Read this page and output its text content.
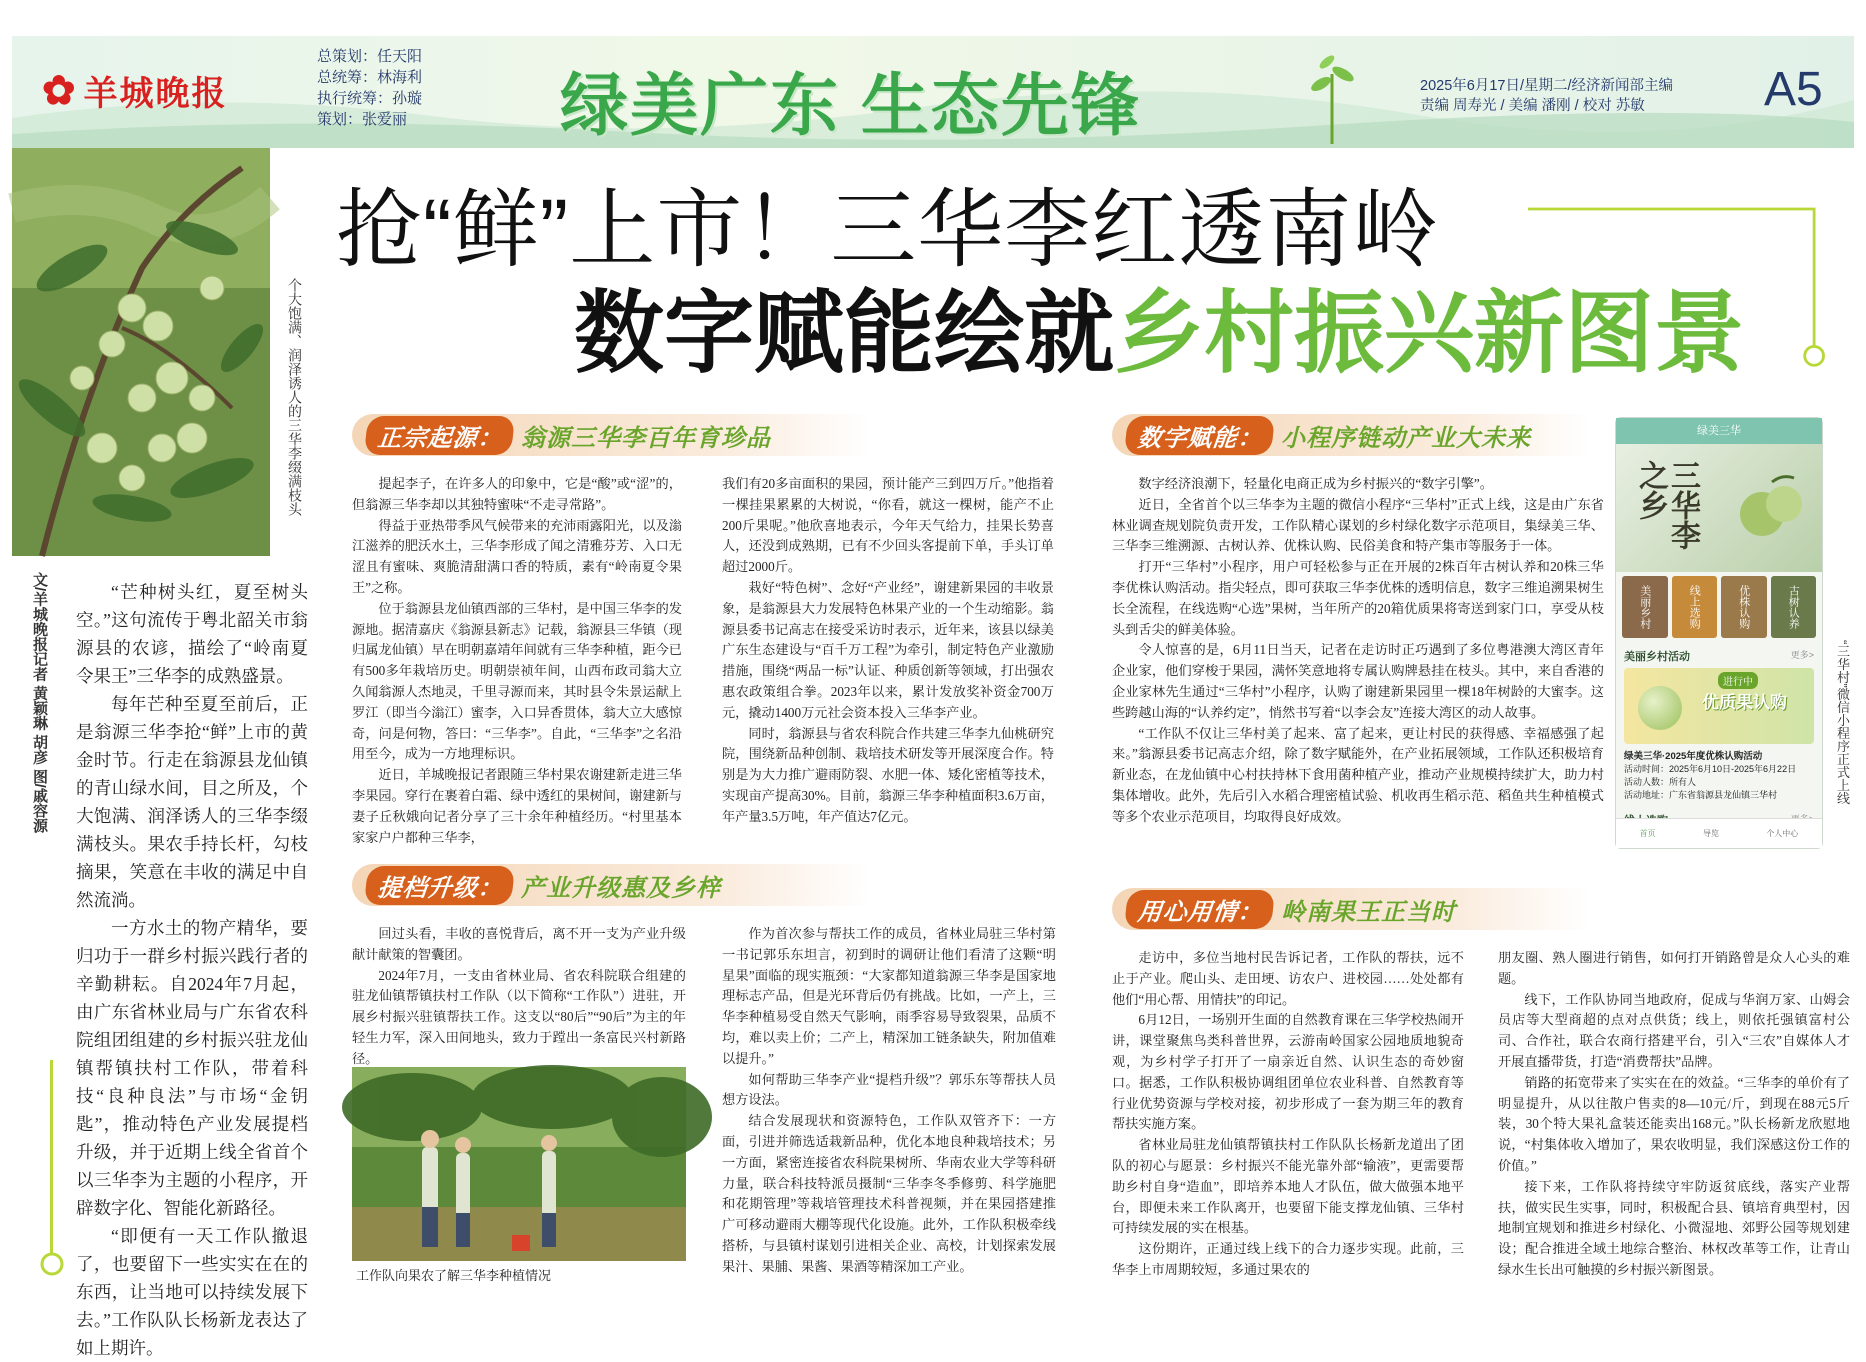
✿ 羊城晚报
总策划：任天阳
总统筹：林海利
执行统筹：孙璇
策划：张爱丽 绿美广东 生态先锋	2025年6月17日/星期二/经济新闻部主编
责编 周寿光 / 美编 潘刚 / 校对 苏敏	A5
个大饱满、润泽诱人的三华李缀满枝头
文/羊城晚报记者 黄颖琳 胡彦 图/戚容源
抢“鲜”上市！三华李红透南岭
数字赋能绘就乡村振兴新图景

“芒种树头红，夏至树头空。”这句流传于粤北韶关市翁源县的农谚，描绘了“岭南夏令果王”三华李的成熟盛景。

每年芒种至夏至前后，正是翁源三华李抢“鲜”上市的黄金时节。行走在翁源县龙仙镇的青山绿水间，目之所及，个大饱满、润泽诱人的三华李缀满枝头。果农手持长杆，勾枝摘果，笑意在丰收的满足中自然流淌。

一方水土的物产精华，要归功于一群乡村振兴践行者的辛勤耕耘。自2024年7月起，由广东省林业局与广东省农科院组团组建的乡村振兴驻龙仙镇帮镇扶村工作队，带着科技“良种良法”与市场“金钥匙”，推动特色产业发展提档升级，并于近期上线全省首个以三华李为主题的小程序，开辟数字化、智能化新路径。

“即便有一天工作队撤退了，也要留下一些实实在在的东西，让当地可以持续发展下去。”工作队队长杨新龙表达了如上期许。

正宗起源： 翁源三华李百年育珍品

提起李子，在许多人的印象中，它是“酸”或“涩”的，但翁源三华李却以其独特蜜味“不走寻常路”。

得益于亚热带季风气候带来的充沛雨露阳光，以及滃江滋养的肥沃水土，三华李形成了闻之清雅芬芳、入口无涩且有蜜味、爽脆清甜满口香的特质，素有“岭南夏令果王”之称。

位于翁源县龙仙镇西部的三华村，是中国三华李的发源地。据清嘉庆《翁源县新志》记载，翁源县三华镇（现归属龙仙镇）早在明朝嘉靖年间就有三华李种植，距今已有500多年栽培历史。明朝崇祯年间，山西布政司翁大立久闻翁源人杰地灵，千里寻源而来，其时县令朱景运献上罗江（即当今滃江）蜜李，入口异香贯体，翁大立大感惊奇，问是何物，答曰：“三华李”。自此，“三华李”之名沿用至今，成为一方地理标识。

近日，羊城晚报记者跟随三华村果农谢建新走进三华李果园。穿行在裹着白霜、绿中透红的果树间，谢建新与妻子丘秋娥向记者分享了三十余年种植经历。“村里基本家家户户都种三华李，

我们有20多亩面积的果园，预计能产三到四万斤。”他指着一棵挂果累累的大树说，“你看，就这一棵树，能产不止200斤果呢。”他欣喜地表示，今年天气给力，挂果长势喜人，还没到成熟期，已有不少回头客提前下单，手头订单超过2000斤。

栽好“特色树”、念好“产业经”，谢建新果园的丰收景象，是翁源县大力发展特色林果产业的一个生动缩影。翁源县委书记高志在接受采访时表示，近年来，该县以绿美广东生态建设与“百千万工程”为牵引，制定特色产业激励措施，围绕“两品一标”认证、种质创新等领域，打出强农惠农政策组合拳。2023年以来，累计发放奖补资金700万元，撬动1400万元社会资本投入三华李产业。

同时，翁源县与省农科院合作共建三华李九仙桃研究院，围绕新品种创制、栽培技术研发等开展深度合作。特别是为大力推广避雨防裂、水肥一体、矮化密植等技术，实现亩产提高30%。目前，翁源三华李种植面积3.6万亩，年产量3.5万吨，年产值达7亿元。

提档升级： 产业升级惠及乡梓

回过头看，丰收的喜悦背后，离不开一支为产业升级献计献策的智囊团。

2024年7月，一支由省林业局、省农科院联合组建的驻龙仙镇帮镇扶村工作队（以下简称“工作队”）进驻，开展乡村振兴驻镇帮扶工作。这支以“80后”“90后”为主的年轻生力军，深入田间地头，致力于蹚出一条富民兴村新路径。

工作队向果农了解三华李种植情况

作为首次参与帮扶工作的成员，省林业局驻三华村第一书记郭乐东坦言，初到时的调研让他们看清了这颗“明星果”面临的现实瓶颈：“大家都知道翁源三华李是国家地理标志产品，但是光环背后仍有挑战。比如，一产上，三华李种植易受自然天气影响，雨季容易导致裂果，品质不均，难以卖上价；二产上，精深加工链条缺失，附加值难以提升。”

如何帮助三华李产业“提档升级”？郭乐东等帮扶人员想方设法。

结合发展现状和资源特色，工作队双管齐下：一方面，引进并筛选适栽新品种，优化本地良种栽培技术；另一方面，紧密连接省农科院果树所、华南农业大学等科研力量，联合科技特派员摄制“三华李冬季修剪、科学施肥和花期管理”等栽培管理技术科普视频，并在果园搭建推广可移动避雨大棚等现代化设施。此外，工作队积极牵线搭桥，与县镇村谋划引进相关企业、高校，计划探索发展果汁、果脯、果酱、果酒等精深加工产业。

数字赋能： 小程序链动产业大未来

数字经济浪潮下，轻量化电商正成为乡村振兴的“数字引擎”。

近日，全省首个以三华李为主题的微信小程序“三华村”正式上线，这是由广东省林业调查规划院负责开发，工作队精心谋划的乡村绿化数字示范项目，集绿美三华、三华李三维溯源、古树认养、优株认购、民俗美食和特产集市等服务于一体。

打开“三华村”小程序，用户可轻松参与正在开展的2株百年古树认养和20株三华李优株认购活动。指尖轻点，即可获取三华李优株的透明信息，数字三维追溯果树生长全流程，在线选购“心选”果树，当年所产的20箱优质果将寄送到家门口，享受从枝头到舌尖的鲜美体验。

令人惊喜的是，6月11日当天，记者在走访时正巧遇到了多位粤港澳大湾区青年企业家，他们穿梭于果园，满怀笑意地将专属认购牌悬挂在枝头。其中，来自香港的企业家林先生通过“三华村”小程序，认购了谢建新果园里一棵18年树龄的大蜜李。这些跨越山海的“认养约定”，悄然书写着“以李会友”连接大湾区的动人故事。

“工作队不仅让三华村美了起来、富了起来，更让村民的获得感、幸福感强了起来。”翁源县委书记高志介绍，除了数字赋能外，在产业拓展领域，工作队还积极培育新业态，在龙仙镇中心村扶持林下食用菌种植产业，推动产业规模持续扩大，助力村集体增收。此外，先后引入水稻合理密植试验、机收再生稻示范、稻鱼共生种植模式等多个农业示范项目，均取得良好成效。

绿美三华
三华李之乡
美丽乡村	线上选购	优株认购	古树认养
美丽乡村活动	更多>
进行中
优质果认购
绿美三华·2025年度优株认购活动
活动时间：2025年6月10日-2025年6月22日
活动人数：所有人
活动地址：广东省翁源县龙仙镇三华村
首页	导览	个人中心
“三华村”微信小程序正式上线
用心用情： 岭南果王正当时

走访中，多位当地村民告诉记者，工作队的帮扶，远不止于产业。爬山头、走田埂、访农户、进校园……处处都有他们“用心帮、用情扶”的印记。

6月12日，一场别开生面的自然教育课在三华学校热闹开讲，课堂聚焦鸟类科普世界，云游南岭国家公园地质地貌奇观，为乡村学子打开了一扇亲近自然、认识生态的奇妙窗口。据悉，工作队积极协调组团单位农业科普、自然教育等行业优势资源与学校对接，初步形成了一套为期三年的教育帮扶实施方案。

省林业局驻龙仙镇帮镇扶村工作队队长杨新龙道出了团队的初心与愿景：乡村振兴不能光靠外部“输液”，更需要帮助乡村自身“造血”，即培养本地人才队伍，做大做强本地平台，即便未来工作队离开，也要留下能支撑龙仙镇、三华村可持续发展的实在根基。

这份期许，正通过线上线下的合力逐步实现。此前，三华李上市周期较短，多通过果农的

朋友圈、熟人圈进行销售，如何打开销路曾是众人心头的难题。

线下，工作队协同当地政府，促成与华润万家、山姆会员店等大型商超的点对点供货；线上，则依托强镇富村公司、合作社，联合农商行搭建平台，引入“三农”自媒体人才开展直播带货，打造“消费帮扶”品牌。

销路的拓宽带来了实实在在的效益。“三华李的单价有了明显提升，从以往散户售卖的8—10元/斤，到现在88元5斤装，30个特大果礼盒装还能卖出168元。”队长杨新龙欣慰地说，“村集体收入增加了，果农收明显，我们深感这份工作的价值。”

接下来，工作队将持续守牢防返贫底线，落实产业帮扶，做实民生实事，同时，积极配合县、镇培育典型村，因地制宜规划和推进乡村绿化、小微湿地、郊野公园等规划建设；配合推进全域土地综合整治、林权改革等工作，让青山绿水生长出可触摸的乡村振兴新图景。
